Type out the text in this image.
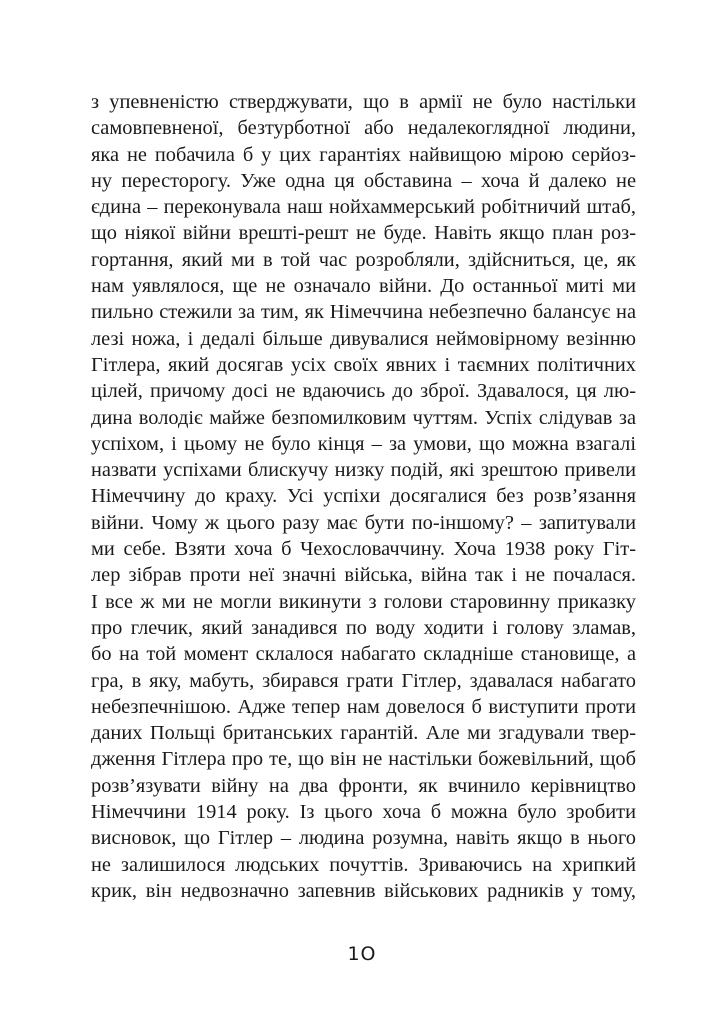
з упевненістю стверджувати, що в армії не було настільки
самовпевненої, безтурботної або недалекоглядної людини,
яка не побачила б у цих гарантіях найвищою мірою серйоз-
ну пересторогу. Уже одна ця обставина – хоча й далеко не
єдина – переконувала наш нойхаммерський робітничий штаб,
що ніякої війни врешті-решт не буде. Навіть якщо план роз-
гортання, який ми в той час розробляли, здійсниться, це, як
нам уявлялося, ще не означало війни. До останньої миті ми
пильно стежили за тим, як Німеччина небезпечно балансує на
лезі ножа, і дедалі більше дивувалися неймовірному везінню
Гітлера, який досягав усіх своїх явних і таємних політичних
цілей, причому досі не вдаючись до зброї. Здавалося, ця лю-
дина володіє майже безпомилковим чуттям. Успіх слідував за
успіхом, і цьому не було кінця – за умови, що можна взагалі
назвати успіхами блискучу низку подій, які зрештою привели
Німеччину до краху. Усі успіхи досягалися без розв’язання
війни. Чому ж цього разу має бути по-іншому? – запитували
ми себе. Взяти хоча б Чехословаччину. Хоча 1938 року Гіт-
лер зібрав проти неї значні війська, війна так і не почалася.
І все ж ми не могли викинути з голови старовинну приказку
про глечик, який занадився по воду ходити і голову зламав,
бо на той момент склалося набагато складніше становище, а
гра, в яку, мабуть, збирався грати Гітлер, здавалася набагато
небезпечнішою. Адже тепер нам довелося б виступити проти
даних Польщі британських гарантій. Але ми згадували твер-
дження Гітлера про те, що він не настільки божевільний, щоб
розв’язувати війну на два фронти, як вчинило керівництво
Німеччини 1914 року. Із цього хоча б можна було зробити
висновок, що Гітлер – людина розумна, навіть якщо в нього
не залишилося людських почуттів. Зриваючись на хрипкий
крик, він недвозначно запевнив військових радників у тому,
1О
